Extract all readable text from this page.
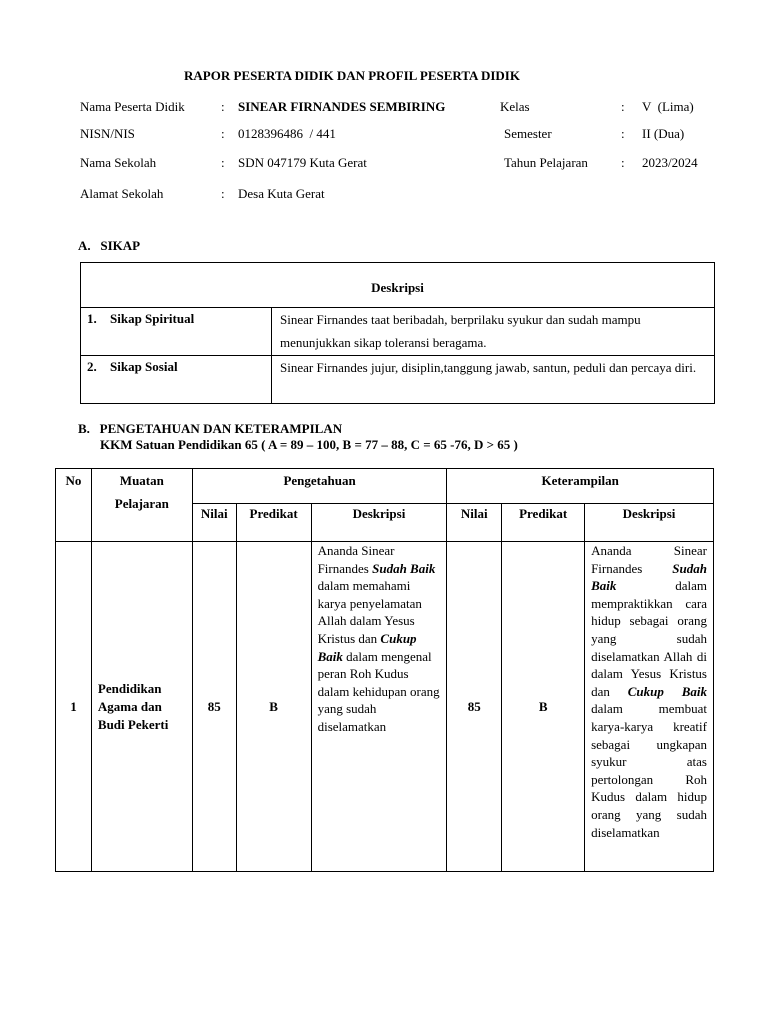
RAPOR PESERTA DIDIK DAN PROFIL PESERTA DIDIK
Nama Peserta Didik	: SINEAR FIRNANDES SEMBIRING	Kelas	: V  (Lima)
NISN/NIS	: 0128396486  / 441	Semester	: II (Dua)
Nama Sekolah	: SDN 047179 Kuta Gerat	Tahun Pelajaran	: 2023/2024
Alamat Sekolah	: Desa Kuta Gerat
A.   SIKAP
Deskripsi	
1. Sikap Spiritual	Sinear Firnandes taat beribadah, berprilaku syukur dan sudah mampu menunjukkan sikap toleransi beragama.
2. Sikap Sosial	Sinear Firnandes jujur, disiplin,tanggung jawab, santun, peduli dan percaya diri.
B.   PENGETAHUAN DAN KETERAMPILAN
KKM Satuan Pendidikan 65 ( A = 89 – 100, B = 77 – 88, C = 65 -76, D > 65 )
No	Muatan Pelajaran	Pengetahuan			Keterampilan		
		Nilai	Predikat	Deskripsi	Nilai	Predikat	Deskripsi
1	Pendidikan Agama dan Budi Pekerti	85	B	Ananda Sinear Firnandes Sudah Baik dalam memahami karya penyelamatan Allah dalam Yesus Kristus dan Cukup Baik dalam mengenal peran Roh Kudus dalam kehidupan orang yang sudah diselamatkan	85	B	Ananda Sinear Firnandes Sudah Baik dalam mempraktikkan cara hidup sebagai orang yang sudah diselamatkan Allah di dalam Yesus Kristus dan Cukup Baik dalam membuat karya-karya kreatif sebagai ungkapan syukur atas pertolongan Roh Kudus dalam hidup orang yang sudah diselamatkan
